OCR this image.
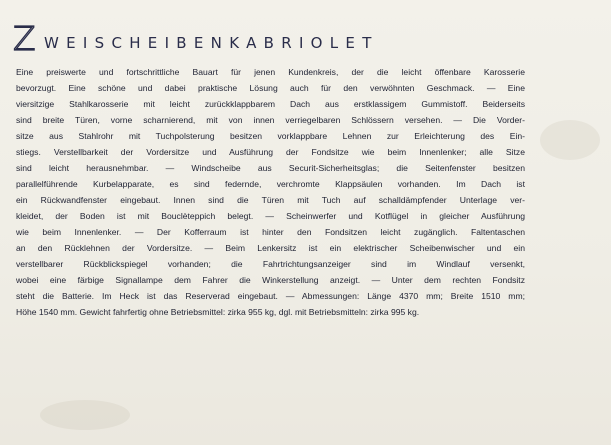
Z WEISCHEIBENKABRIOLET
Eine preiswerte und fortschrittliche Bauart für jenen Kundenkreis, der die leicht öffenbare Karosserie
bevorzugt. Eine schöne und dabei praktische Lösung auch für den verwöhnten Geschmack. — Eine
viersitzige Stahlkarosserie mit leicht zurückklappbarem Dach aus erstklassigem Gummistoff. Beiderseits
sind breite Türen, vorne scharnierend, mit von innen verriegelbaren Schlössern versehen. — Die Vorder-
sitze aus Stahlrohr mit Tuchpolsterung besitzen vorklappbare Lehnen zur Erleichterung des Ein-
stiegs. Verstellbarkeit der Vordersitze und Ausführung der Fondsitze wie beim Innenlenker; alle Sitze
sind leicht herausnehmbar. — Windscheibe aus Securit-Sicherheitsglas; die Seitenfenster besitzen
parallelführende Kurbelapparate, es sind federnde, verchromte Klappsäulen vorhanden. Im Dach ist
ein Rückwandfenster eingebaut. Innen sind die Türen mit Tuch auf schalldämpfender Unterlage ver-
kleidet, der Boden ist mit Bouclèteppich belegt. — Scheinwerfer und Kotflügel in gleicher Ausführung
wie beim Innenlenker. — Der Kofferraum ist hinter den Fondsitzen leicht zugänglich. Faltentaschen
an den Rücklehnen der Vordersitze. — Beim Lenkersitz ist ein elektrischer Scheibenwischer und ein
verstellbarer Rückblickspiegel vorhanden; die Fahrtrichtungsanzeiger sind im Windlauf versenkt,
wobei eine färbige Signallampe dem Fahrer die Winkerstellung anzeigt. — Unter dem rechten Fondsitz
steht die Batterie. Im Heck ist das Reserverad eingebaut. — Abmessungen: Länge 4370 mm; Breite 1510 mm;
Höhe 1540 mm. Gewicht fahrfertig ohne Betriebsmittel: zirka 955 kg, dgl. mit Betriebsmitteln: zirka 995 kg.
